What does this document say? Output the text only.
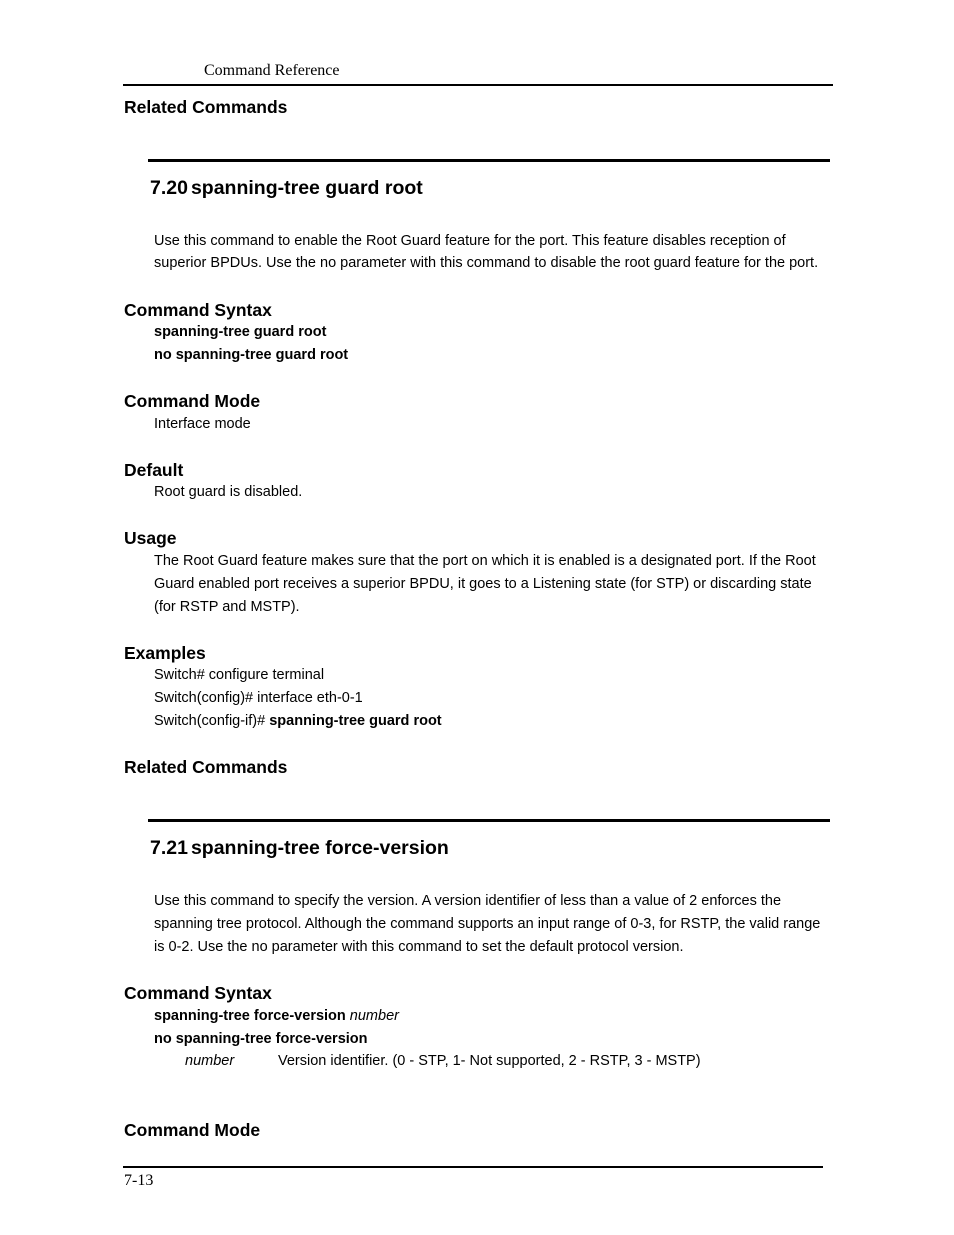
Command Reference
Related Commands
7.20 spanning-tree guard root
Use this command to enable the Root Guard feature for the port. This feature disables reception of
superior BPDUs. Use the no parameter with this command to disable the root guard feature for the port.
Command Syntax
spanning-tree guard root
no spanning-tree guard root
Command Mode
Interface mode
Default
Root guard is disabled.
Usage
The Root Guard feature makes sure that the port on which it is enabled is a designated port. If the Root
Guard enabled port receives a superior BPDU, it goes to a Listening state (for STP) or discarding state
(for RSTP and MSTP).
Examples
Switch# configure terminal
Switch(config)# interface eth-0-1
Switch(config-if)# spanning-tree guard root
Related Commands
7.21 spanning-tree force-version
Use this command to specify the version. A version identifier of less than a value of 2 enforces the
spanning tree protocol. Although the command supports an input range of 0-3, for RSTP, the valid range
is 0-2. Use the no parameter with this command to set the default protocol version.
Command Syntax
spanning-tree force-version number
no spanning-tree force-version
number	Version identifier. (0 - STP, 1- Not supported, 2 - RSTP, 3 - MSTP)
Command Mode
7-13
